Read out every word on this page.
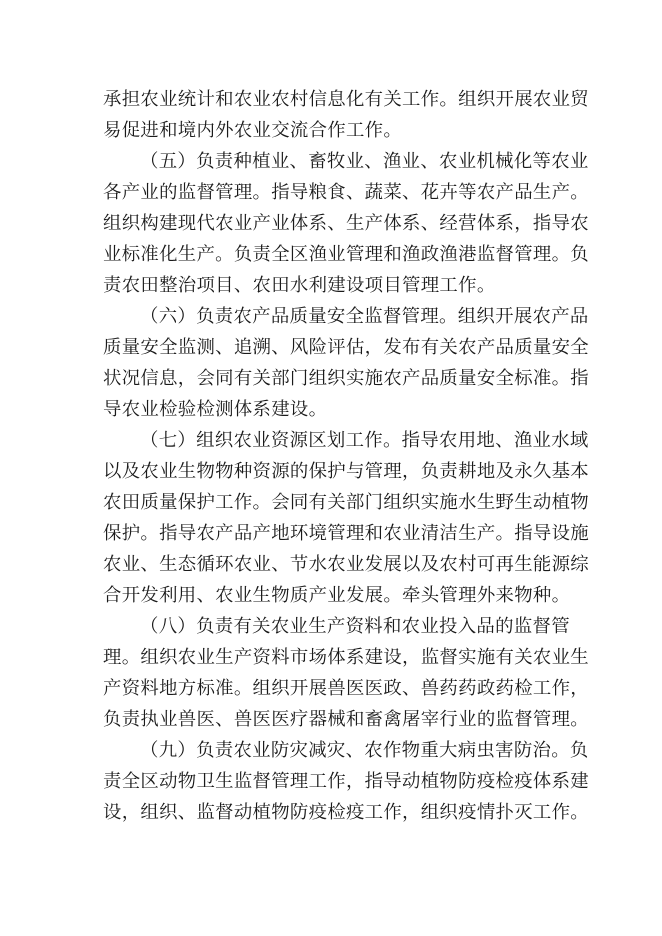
承担农业统计和农业农村信息化有关工作。组织开展农业贸
易促进和境内外农业交流合作工作。

（五）负责种植业、畜牧业、渔业、农业机械化等农业
各产业的监督管理。指导粮食、蔬菜、花卉等农产品生产。
组织构建现代农业产业体系、生产体系、经营体系，指导农
业标准化生产。负责全区渔业管理和渔政渔港监督管理。负
责农田整治项目、农田水利建设项目管理工作。

（六）负责农产品质量安全监督管理。组织开展农产品
质量安全监测、追溯、风险评估，发布有关农产品质量安全
状况信息，会同有关部门组织实施农产品质量安全标准。指
导农业检验检测体系建设。

（七）组织农业资源区划工作。指导农用地、渔业水域
以及农业生物物种资源的保护与管理，负责耕地及永久基本
农田质量保护工作。会同有关部门组织实施水生野生动植物
保护。指导农产品产地环境管理和农业清洁生产。指导设施
农业、生态循环农业、节水农业发展以及农村可再生能源综
合开发利用、农业生物质产业发展。牵头管理外来物种。

（八）负责有关农业生产资料和农业投入品的监督管
理。组织农业生产资料市场体系建设，监督实施有关农业生
产资料地方标准。组织开展兽医医政、兽药药政药检工作，
负责执业兽医、兽医医疗器械和畜禽屠宰行业的监督管理。

（九）负责农业防灾减灾、农作物重大病虫害防治。负
责全区动物卫生监督管理工作，指导动植物防疫检疫体系建
设，组织、监督动植物防疫检疫工作，组织疫情扑灭工作。
